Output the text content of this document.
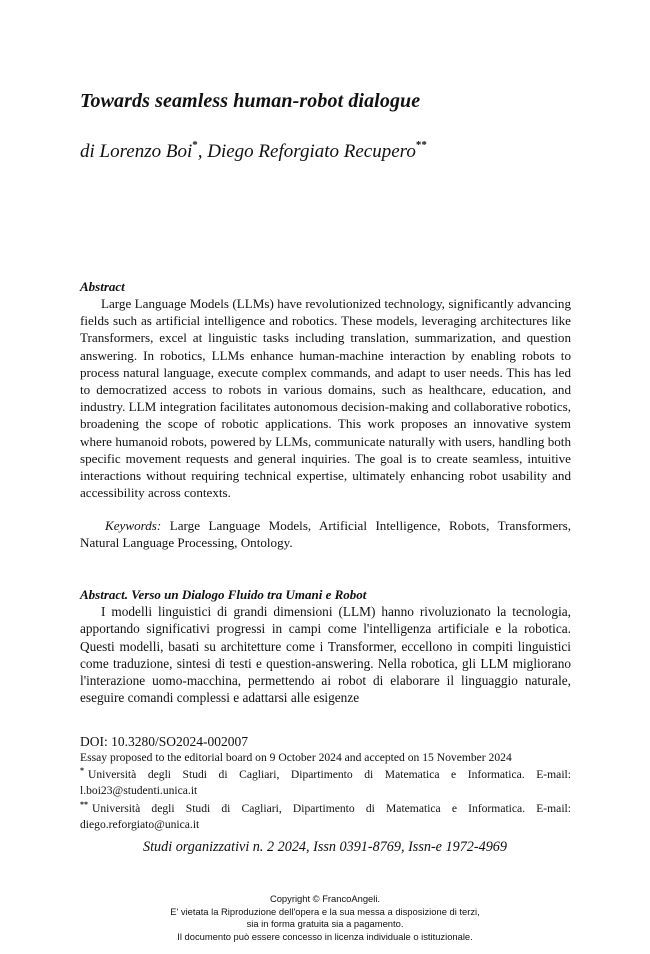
Towards seamless human-robot dialogue
di Lorenzo Boi*, Diego Reforgiato Recupero**
Abstract

Large Language Models (LLMs) have revolutionized technology, significantly advancing fields such as artificial intelligence and robotics. These models, leveraging architectures like Transformers, excel at linguistic tasks including translation, summarization, and question answering. In robotics, LLMs enhance human-machine interaction by enabling robots to process natural language, execute complex commands, and adapt to user needs. This has led to democratized access to robots in various domains, such as healthcare, education, and industry. LLM integration facilitates autonomous decision-making and collaborative robotics, broadening the scope of robotic applications. This work proposes an innovative system where humanoid robots, powered by LLMs, communicate naturally with users, handling both specific movement requests and general inquiries. The goal is to create seamless, intuitive interactions without requiring technical expertise, ultimately enhancing robot usability and accessibility across contexts.

Keywords: Large Language Models, Artificial Intelligence, Robots, Transformers, Natural Language Processing, Ontology.

Abstract. Verso un Dialogo Fluido tra Umani e Robot

I modelli linguistici di grandi dimensioni (LLM) hanno rivoluzionato la tecnologia, apportando significativi progressi in campi come l'intelligenza artificiale e la robotica. Questi modelli, basati su architetture come i Transformer, eccellono in compiti linguistici come traduzione, sintesi di testi e question-answering. Nella robotica, gli LLM migliorano l'interazione uomo-macchina, permettendo ai robot di elaborare il linguaggio naturale, eseguire comandi complessi e adattarsi alle esigenze

DOI: 10.3280/SO2024-002007
Essay proposed to the editorial board on 9 October 2024 and accepted on 15 November 2024

* Università degli Studi di Cagliari, Dipartimento di Matematica e Informatica. E-mail: l.boi23@studenti.unica.it

** Università degli Studi di Cagliari, Dipartimento di Matematica e Informatica. E-mail: diego.reforgiato@unica.it

Studi organizzativi n. 2 2024, Issn 0391-8769, Issn-e 1972-4969
Copyright © FrancoAngeli.
E' vietata la Riproduzione dell'opera e la sua messa a disposizione di terzi,
sia in forma gratuita sia a pagamento.
Il documento può essere concesso in licenza individuale o istituzionale.
